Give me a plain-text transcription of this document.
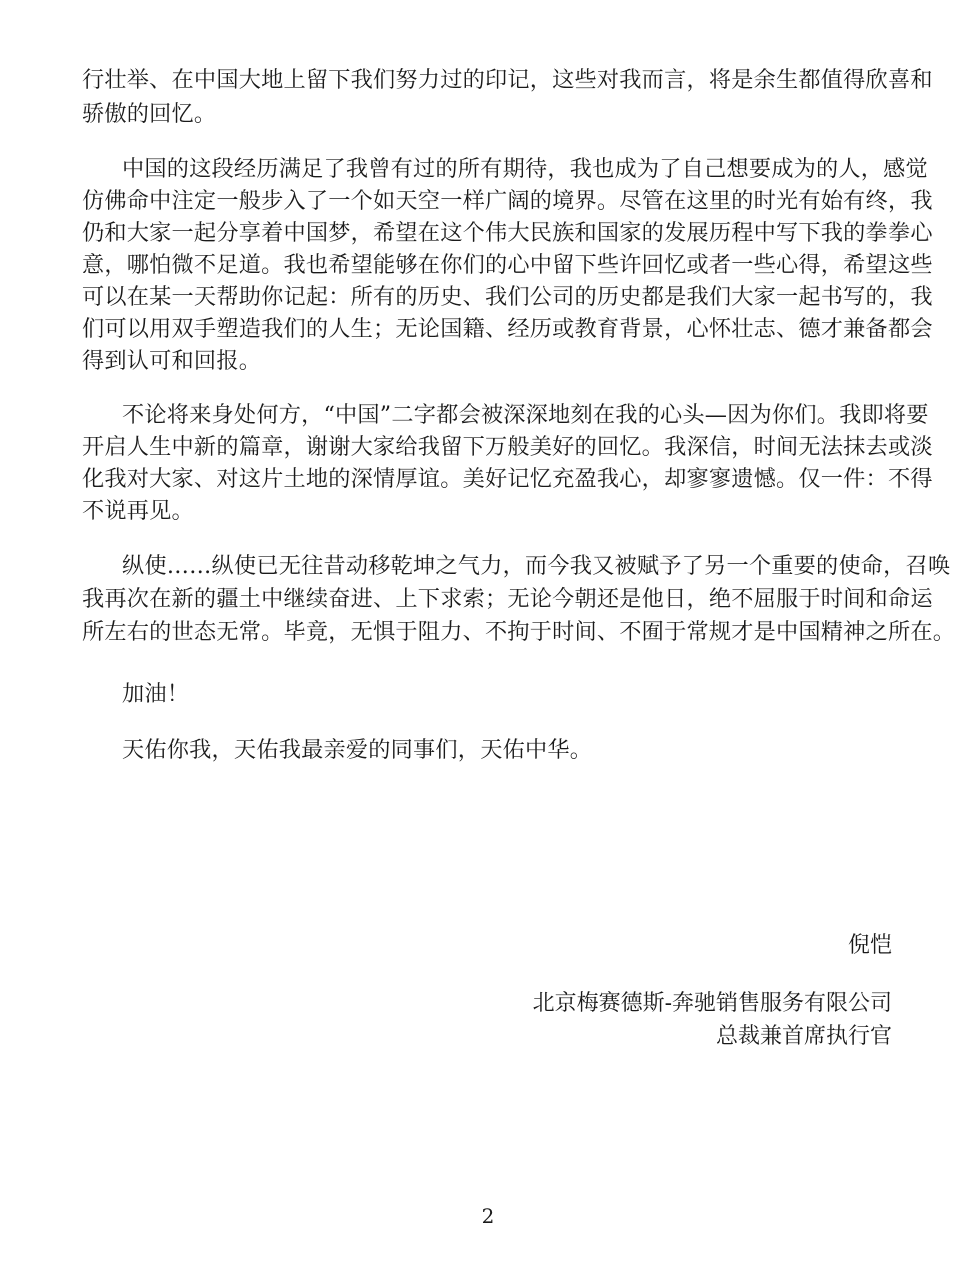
行壮举、在中国大地上留下我们努力过的印记，这些对我而言，将是余生都值得欣喜和
骄傲的回忆。
中国的这段经历满足了我曾有过的所有期待，我也成为了自己想要成为的人，感觉
仿佛命中注定一般步入了一个如天空一样广阔的境界。尽管在这里的时光有始有终，我
仍和大家一起分享着中国梦，希望在这个伟大民族和国家的发展历程中写下我的拳拳心
意，哪怕微不足道。我也希望能够在你们的心中留下些许回忆或者一些心得，希望这些
可以在某一天帮助你记起：所有的历史、我们公司的历史都是我们大家一起书写的，我
们可以用双手塑造我们的人生；无论国籍、经历或教育背景，心怀壮志、德才兼备都会
得到认可和回报。
不论将来身处何方，“中国”二字都会被深深地刻在我的心头—因为你们。我即将要
开启人生中新的篇章，谢谢大家给我留下万般美好的回忆。我深信，时间无法抹去或淡
化我对大家、对这片土地的深情厚谊。美好记忆充盈我心，却寥寥遗憾。仅一件：不得
不说再见。
纵使……纵使已无往昔动移乾坤之气力，而今我又被赋予了另一个重要的使命，召唤
我再次在新的疆土中继续奋进、上下求索；无论今朝还是他日，绝不屈服于时间和命运
所左右的世态无常。毕竟，无惧于阻力、不拘于时间、不囿于常规才是中国精神之所在。
加油！
天佑你我，天佑我最亲爱的同事们，天佑中华。
倪恺
北京梅赛德斯-奔驰销售服务有限公司
总裁兼首席执行官
2
